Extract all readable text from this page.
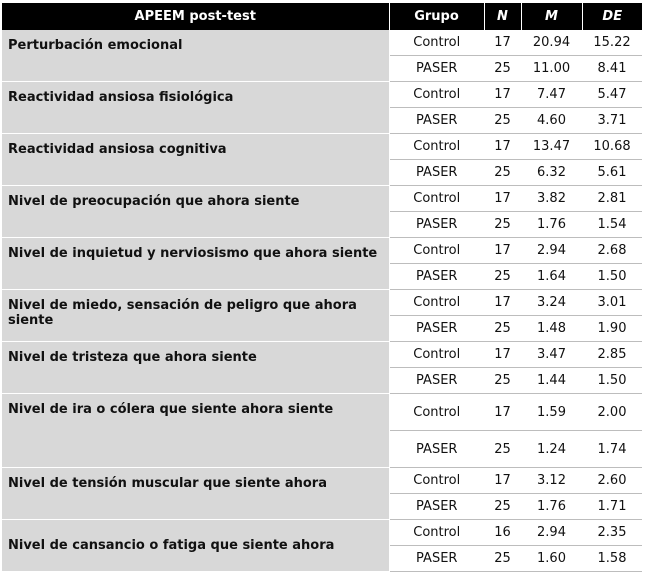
APEEM post-test	Grupo	N	M	DE
Perturbación emocional	Control	17	20.94	15.22
	PASER	25	11.00	8.41
Reactividad ansiosa fisiológica	Control	17	7.47	5.47
	PASER	25	4.60	3.71
Reactividad ansiosa cognitiva	Control	17	13.47	10.68
	PASER	25	6.32	5.61
Nivel de preocupación que ahora siente	Control	17	3.82	2.81
	PASER	25	1.76	1.54
Nivel de inquietud y nerviosismo que ahora siente	Control	17	2.94	2.68
	PASER	25	1.64	1.50
Nivel de miedo, sensación de peligro que ahora siente	Control	17	3.24	3.01
	PASER	25	1.48	1.90
Nivel de tristeza que ahora siente	Control	17	3.47	2.85
	PASER	25	1.44	1.50
Nivel de ira o cólera que siente ahora siente	Control	17	1.59	2.00
	PASER	25	1.24	1.74
Nivel de tensión muscular que siente ahora	Control	17	3.12	2.60
	PASER	25	1.76	1.71
Nivel de cansancio o fatiga que siente ahora	Control	16	2.94	2.35
	PASER	25	1.60	1.58
